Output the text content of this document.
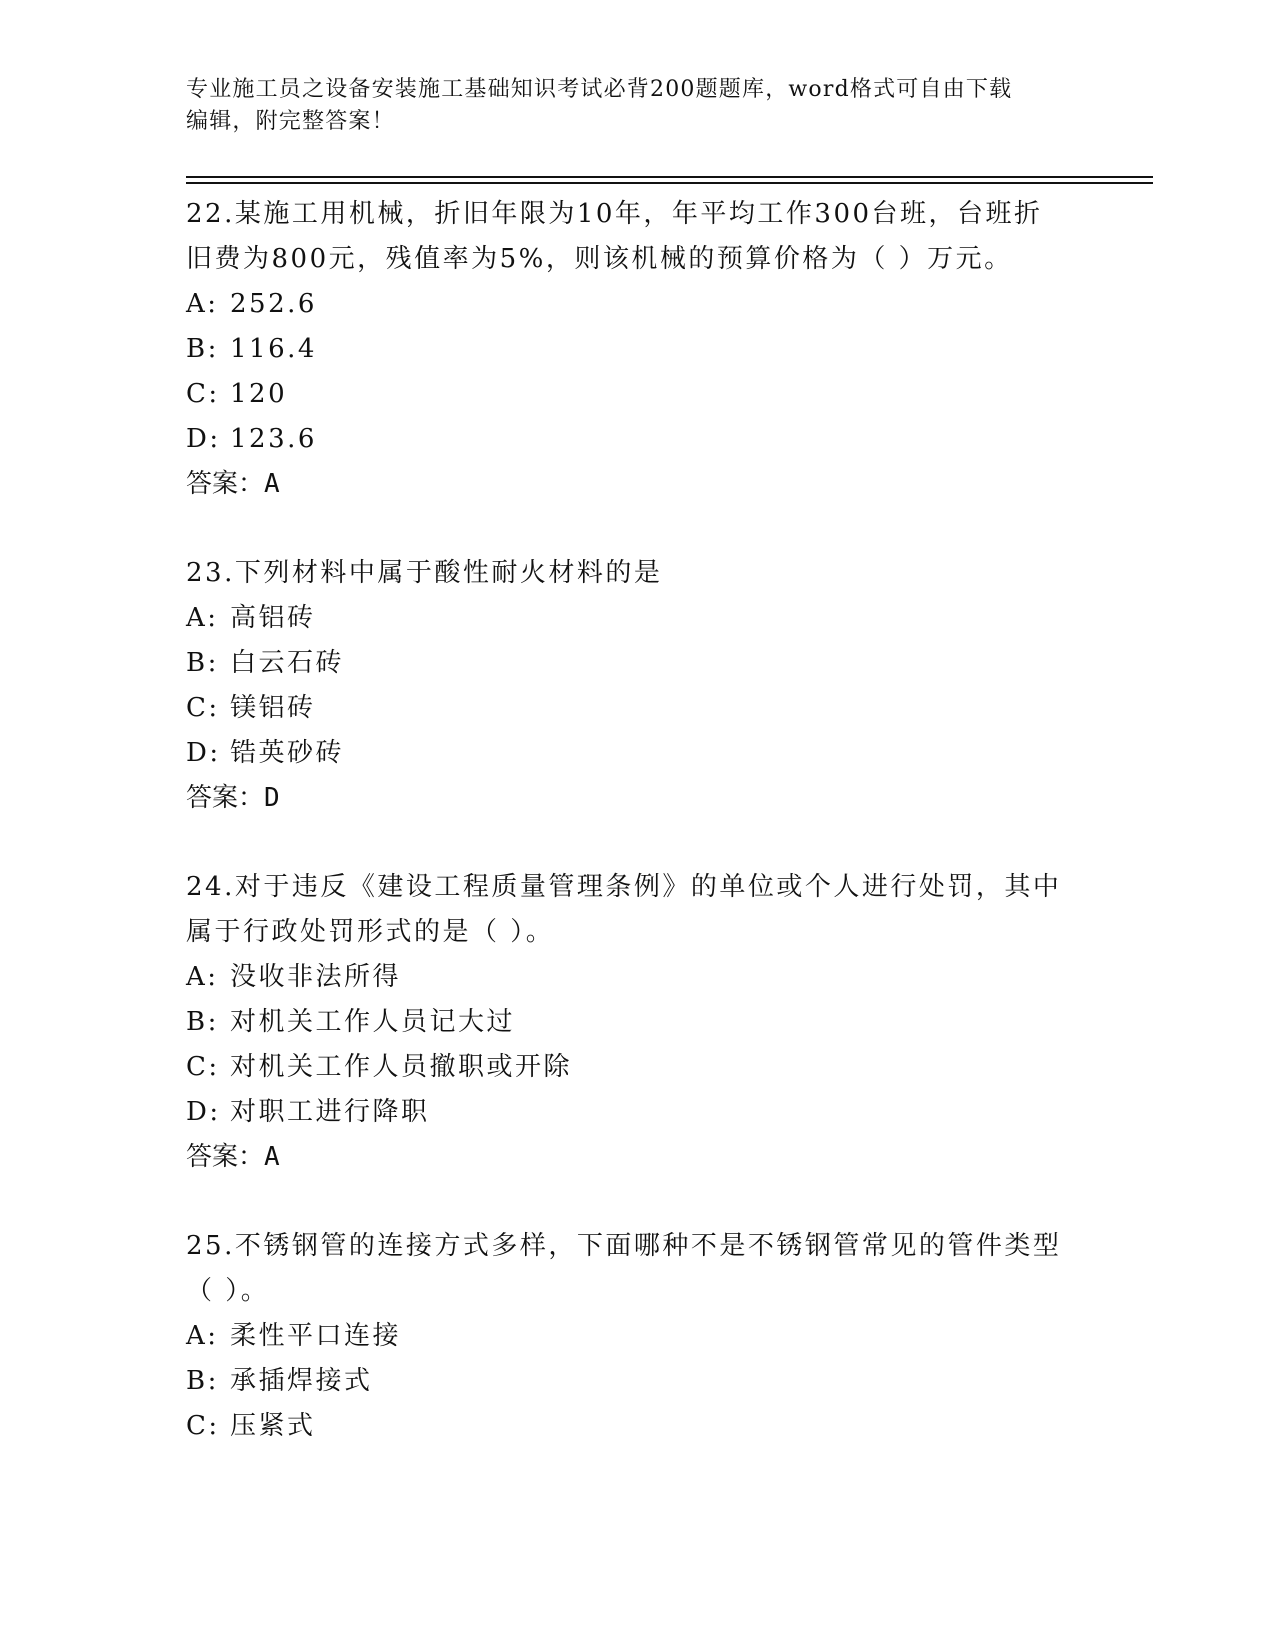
专业施工员之设备安装施工基础知识考试必背200题题库，word格式可自由下载
编辑，附完整答案！
22.某施工用机械，折旧年限为10年，年平均工作300台班，台班折
旧费为800元，残值率为5%，则该机械的预算价格为（ ）万元。
A: 252.6
B: 116.4
C: 120
D: 123.6
答案：A
23.下列材料中属于酸性耐火材料的是
A: 高铝砖
B: 白云石砖
C: 镁铝砖
D: 锆英砂砖
答案：D
24.对于违反《建设工程质量管理条例》的单位或个人进行处罚，其中
属于行政处罚形式的是（ ）。
A: 没收非法所得
B: 对机关工作人员记大过
C: 对机关工作人员撤职或开除
D: 对职工进行降职
答案：A
25.不锈钢管的连接方式多样，下面哪种不是不锈钢管常见的管件类型
（ ）。
A: 柔性平口连接
B: 承插焊接式
C: 压紧式
